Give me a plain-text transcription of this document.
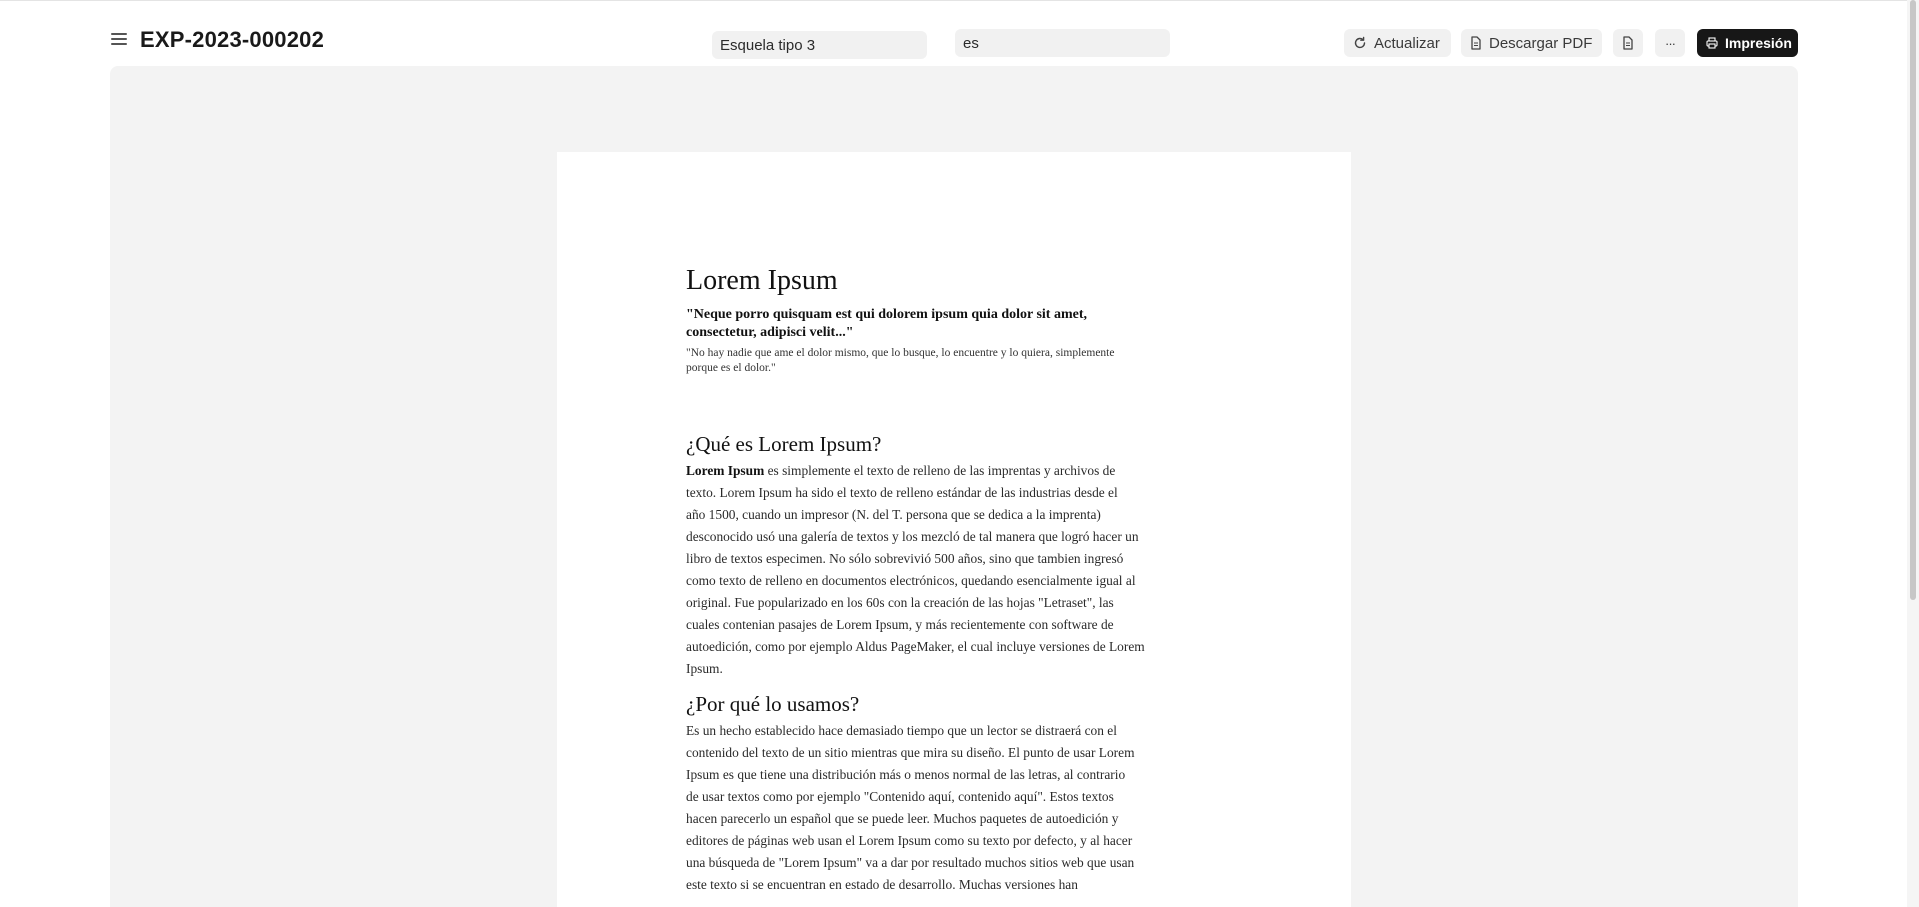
EXP-2023-000202	Esquela tipo 3	es	Actualizar	Descargar PDF	···	Impresión
Lorem Ipsum

"Neque porro quisquam est qui dolorem ipsum quia dolor sit amet, consectetur, adipisci velit..."

"No hay nadie que ame el dolor mismo, que lo busque, lo encuentre y lo quiera, simplemente porque es el dolor."

¿Qué es Lorem Ipsum?
Lorem Ipsum es simplemente el texto de relleno de las imprentas y archivos de
texto. Lorem Ipsum ha sido el texto de relleno estándar de las industrias desde el
año 1500, cuando un impresor (N. del T. persona que se dedica a la imprenta)
desconocido usó una galería de textos y los mezcló de tal manera que logró hacer un
libro de textos especimen. No sólo sobrevivió 500 años, sino que tambien ingresó
como texto de relleno en documentos electrónicos, quedando esencialmente igual al
original. Fue popularizado en los 60s con la creación de las hojas "Letraset", las
cuales contenian pasajes de Lorem Ipsum, y más recientemente con software de
autoedición, como por ejemplo Aldus PageMaker, el cual incluye versiones de Lorem
Ipsum.
¿Por qué lo usamos?
Es un hecho establecido hace demasiado tiempo que un lector se distraerá con el
contenido del texto de un sitio mientras que mira su diseño. El punto de usar Lorem
Ipsum es que tiene una distribución más o menos normal de las letras, al contrario
de usar textos como por ejemplo "Contenido aquí, contenido aquí". Estos textos
hacen parecerlo un español que se puede leer. Muchos paquetes de autoedición y
editores de páginas web usan el Lorem Ipsum como su texto por defecto, y al hacer
una búsqueda de "Lorem Ipsum" va a dar por resultado muchos sitios web que usan
este texto si se encuentran en estado de desarrollo. Muchas versiones han
